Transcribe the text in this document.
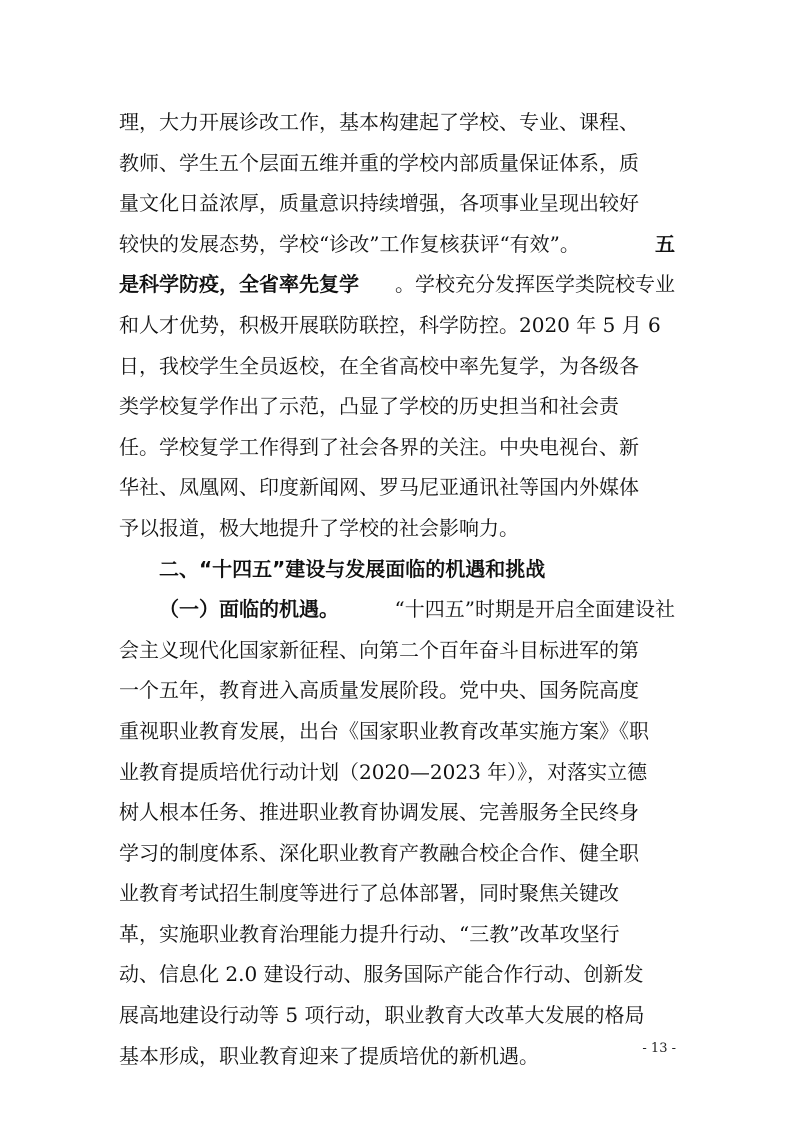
理，大力开展诊改工作，基本构建起了学校、专业、课程、
教师、学生五个层面五维并重的学校内部质量保证体系，质
量文化日益浓厚，质量意识持续增强，各项事业呈现出较好
较快的发展态势，学校“诊改”工作复核获评“有效”。	五
是科学防疫，全省率先复学 。学校充分发挥医学类院校专业
和人才优势，积极开展联防联控，科学防控。2020 年 5 月 6
日，我校学生全员返校，在全省高校中率先复学，为各级各
类学校复学作出了示范，凸显了学校的历史担当和社会责
任。学校复学工作得到了社会各界的关注。中央电视台、新
华社、凤凰网、印度新闻网、罗马尼亚通讯社等国内外媒体
予以报道，极大地提升了学校的社会影响力。
二、“十四五”建设与发展面临的机遇和挑战
（一）面临的机遇。	“十四五”时期是开启全面建设社
会主义现代化国家新征程、向第二个百年奋斗目标进军的第
一个五年，教育进入高质量发展阶段。党中央、国务院高度
重视职业教育发展，出台《国家职业教育改革实施方案》《职
业教育提质培优行动计划（2020—2023 年）》，对落实立德
树人根本任务、推进职业教育协调发展、完善服务全民终身
学习的制度体系、深化职业教育产教融合校企合作、健全职
业教育考试招生制度等进行了总体部署，同时聚焦关键改
革，实施职业教育治理能力提升行动、“三教”改革攻坚行
动、信息化 2.0 建设行动、服务国际产能合作行动、创新发
展高地建设行动等 5 项行动，职业教育大改革大发展的格局
基本形成，职业教育迎来了提质培优的新机遇。	- 13 -
